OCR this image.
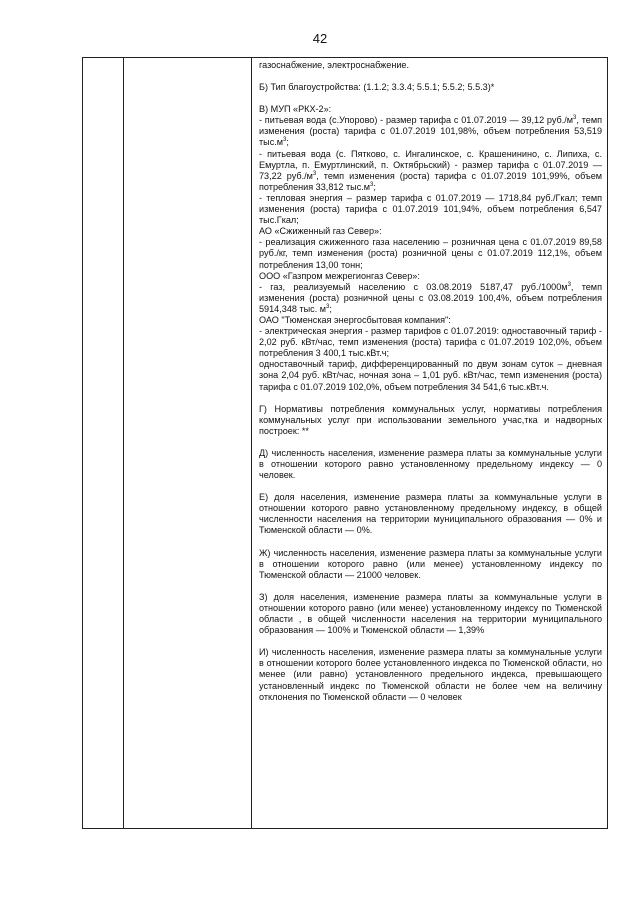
42

газоснабжение, электроснабжение.

Б) Тип благоустройства: (1.1.2; 3.3.4; 5.5.1; 5.5.2; 5.5.3)*

В) МУП «РКХ-2»:

- питьевая вода (с.Упорово) - размер тарифа с 01.07.2019 — 39,12 $руб./м^3$, темп изменения (роста) тарифа с 01.07.2019 101,98%, объем потребления 53,519 $тыс.м^3$;

- питьевая вода (с. Пятково, с. Ингалинское, с. Крашенинино, с. Липиха, с. Емуртла, п. Емуртлинский, п. Октябрьский) - размер тарифа с 01.07.2019 — 73,22 $руб./м^3$, темп изменения (роста) тарифа с 01.07.2019 101,99%, объем потребления 33,812 $тыс.м^3$;

- тепловая энергия – размер тарифа с 01.07.2019 — 1718,84 руб./Гкал; темп изменения (роста) тарифа с 01.07.2019 101,94%, объем потребления 6,547 тыс.Гкал;

АО «Сжиженный газ Север»:

- реализация сжиженного газа населению – розничная цена с 01.07.2019 89,58 руб./кг, темп изменения (роста) розничной цены с 01.07.2019 112,1%, объем потребления 13,00 тонн;

ООО «Газпром межрегионгаз Север»:

- газ, реализуемый населению с 03.08.2019 5187,47 $руб./1000м^3$, темп изменения (роста) розничной цены с 03.08.2019 100,4%, объем потребления 5914,348 тыс. $м^3$;

ОАО "Тюменская энергосбытовая компания":

- электрическая энергия - размер тарифов с 01.07.2019: одноставочный тариф - 2,02 руб. кВт/час, темп изменения (роста) тарифа с 01.07.2019 102,0%, объем потребления 3 400,1 тыс.кВт.ч;

одноставочный тариф, дифференцированный по двум зонам суток – дневная зона 2,04 руб. кВт/час, ночная зона – 1,01 руб. кВт/час, темп изменения (роста) тарифа с 01.07.2019 102,0%, объем потребления 34 541,6 тыс.кВт.ч.

Г) Нормативы потребления коммунальных услуг, нормативы потребления коммунальных услуг при использовании земельного учас,тка и надворных построек: **

Д) численность населения, изменение размера платы за коммунальные услуги в отношении которого равно установленному предельному индексу — 0 человек.

Е) доля населения, изменение размера платы за коммунальные услуги в отношении которого равно установленному предельному индексу, в общей численности населения на территории муниципального образования — 0% и Тюменской области — 0%.

Ж) численность населения, изменение размера платы за коммунальные услуги в отношении которого равно (или менее) установленному индексу по Тюменской области — 21000 человек.

З) доля населения, изменение размера платы за коммунальные услуги в отношении которого равно (или менее) установленному индексу по Тюменской области , в общей численности населения на территории муниципального образования — 100% и Тюменской области — 1,39%

И) численность населения, изменение размера платы за коммунальные услуги в отношении которого более установленного индекса по Тюменской области, но менее (или равно) установленного предельного индекса, превышающего установленный индекс по Тюменской области не более чем на величину отклонения по Тюменской области — 0 человек
